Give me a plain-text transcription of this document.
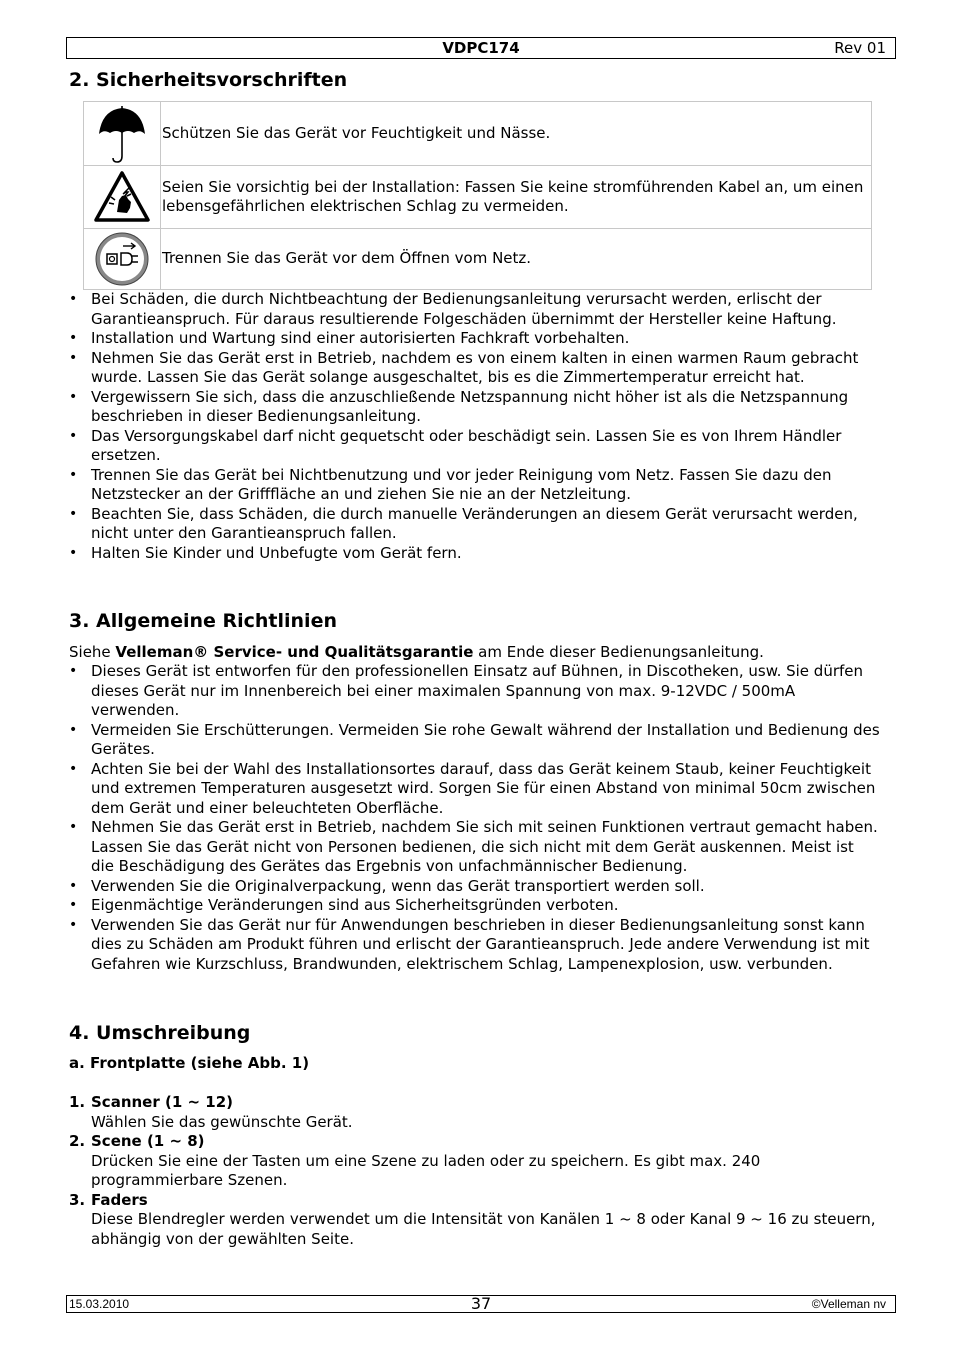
VDPC174	Rev 01
2. Sicherheitsvorschriften
	Schützen Sie das Gerät vor Feuchtigkeit und Nässe.

	Seien Sie vorsichtig bei der Installation: Fassen Sie keine stromführenden Kabel an, um einen lebensgefährlichen elektrischen Schlag zu vermeiden.

	Trennen Sie das Gerät vor dem Öffnen vom Netz.
• Bei Schäden, die durch Nichtbeachtung der Bedienungsanleitung verursacht werden, erlischt der Garantieanspruch. Für daraus resultierende Folgeschäden übernimmt der Hersteller keine Haftung.
• Installation und Wartung sind einer autorisierten Fachkraft vorbehalten.
• Nehmen Sie das Gerät erst in Betrieb, nachdem es von einem kalten in einen warmen Raum gebracht wurde. Lassen Sie das Gerät solange ausgeschaltet, bis es die Zimmertemperatur erreicht hat.
• Vergewissern Sie sich, dass die anzuschließende Netzspannung nicht höher ist als die Netzspannung beschrieben in dieser Bedienungsanleitung.
• Das Versorgungskabel darf nicht gequetscht oder beschädigt sein. Lassen Sie es von Ihrem Händler ersetzen.
• Trennen Sie das Gerät bei Nichtbenutzung und vor jeder Reinigung vom Netz. Fassen Sie dazu den Netzstecker an der Grifffläche an und ziehen Sie nie an der Netzleitung.
• Beachten Sie, dass Schäden, die durch manuelle Veränderungen an diesem Gerät verursacht werden, nicht unter den Garantieanspruch fallen.
• Halten Sie Kinder und Unbefugte vom Gerät fern.
3. Allgemeine Richtlinien

Siehe Velleman® Service- und Qualitätsgarantie am Ende dieser Bedienungsanleitung.

• Dieses Gerät ist entworfen für den professionellen Einsatz auf Bühnen, in Discotheken, usw. Sie dürfen dieses Gerät nur im Innenbereich bei einer maximalen Spannung von max. 9-12VDC / 500mA verwenden.
• Vermeiden Sie Erschütterungen. Vermeiden Sie rohe Gewalt während der Installation und Bedienung des Gerätes.
• Achten Sie bei der Wahl des Installationsortes darauf, dass das Gerät keinem Staub, keiner Feuchtigkeit und extremen Temperaturen ausgesetzt wird. Sorgen Sie für einen Abstand von minimal 50cm zwischen dem Gerät und einer beleuchteten Oberfläche.
• Nehmen Sie das Gerät erst in Betrieb, nachdem Sie sich mit seinen Funktionen vertraut gemacht haben. Lassen Sie das Gerät nicht von Personen bedienen, die sich nicht mit dem Gerät auskennen. Meist ist die Beschädigung des Gerätes das Ergebnis von unfachmännischer Bedienung.
• Verwenden Sie die Originalverpackung, wenn das Gerät transportiert werden soll.
• Eigenmächtige Veränderungen sind aus Sicherheitsgründen verboten.
• Verwenden Sie das Gerät nur für Anwendungen beschrieben in dieser Bedienungsanleitung sonst kann dies zu Schäden am Produkt führen und erlischt der Garantieanspruch. Jede andere Verwendung ist mit Gefahren wie Kurzschluss, Brandwunden, elektrischem Schlag, Lampenexplosion, usw. verbunden.
4. Umschreibung

a. Frontplatte (siehe Abb. 1)

1. Scanner (1 ~ 12)
Wählen Sie das gewünschte Gerät.
2. Scene (1 ~ 8)
Drücken Sie eine der Tasten um eine Szene zu laden oder zu speichern. Es gibt max. 240 programmierbare Szenen.
3. Faders
Diese Blendregler werden verwendet um die Intensität von Kanälen 1 ~ 8 oder Kanal 9 ~ 16 zu steuern, abhängig von der gewählten Seite.
15.03.2010	37	©Velleman nv
